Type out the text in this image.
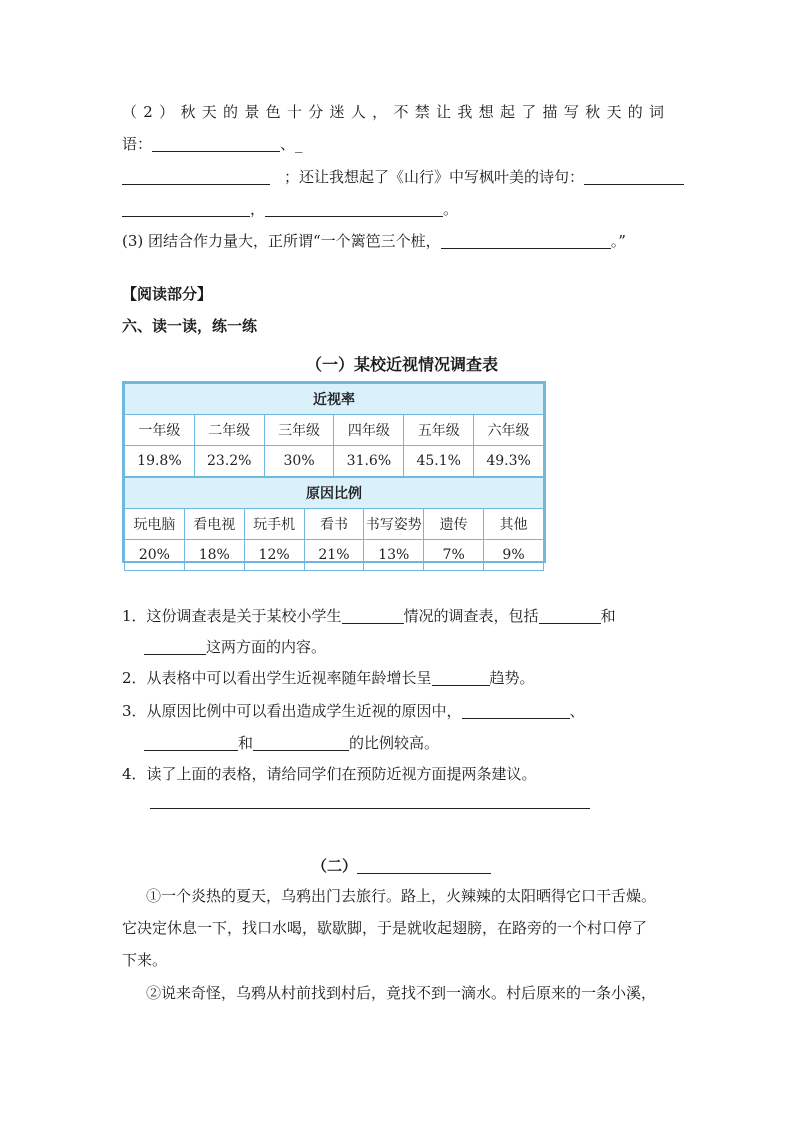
（2）秋天的景色十分迷人，不禁让我想起了描写秋天的词
语：	、_
；还让我想起了《山行》中写枫叶美的诗句：
，	。
(3) 团结合作力量大，正所谓“一个篱笆三个桩，	。”
【阅读部分】
六、读一读，练一练
（一）某校近视情况调查表
近视率					
一年级	二年级	三年级	四年级	五年级	六年级
19.8%	23.2%	30%	31.6%	45.1%	49.3%
原因比例						
玩电脑	看电视	玩手机	看书	书写姿势	遗传	其他
20%	18%	12%	21%	13%	7%	9%
1．这份调查表是关于某校小学生	情况的调查表，包括	和
这两方面的内容。
2．从表格中可以看出学生近视率随年龄增长呈	趋势。
3．从原因比例中可以看出造成学生近视的原因中，	、
和	的比例较高。
4．读了上面的表格，请给同学们在预防近视方面提两条建议。
（二）
①一个炎热的夏天，乌鸦出门去旅行。路上，火辣辣的太阳晒得它口干舌燥。
它决定休息一下，找口水喝，歇歇脚，于是就收起翅膀，在路旁的一个村口停了
下来。
②说来奇怪，乌鸦从村前找到村后，竟找不到一滴水。村后原来的一条小溪，
